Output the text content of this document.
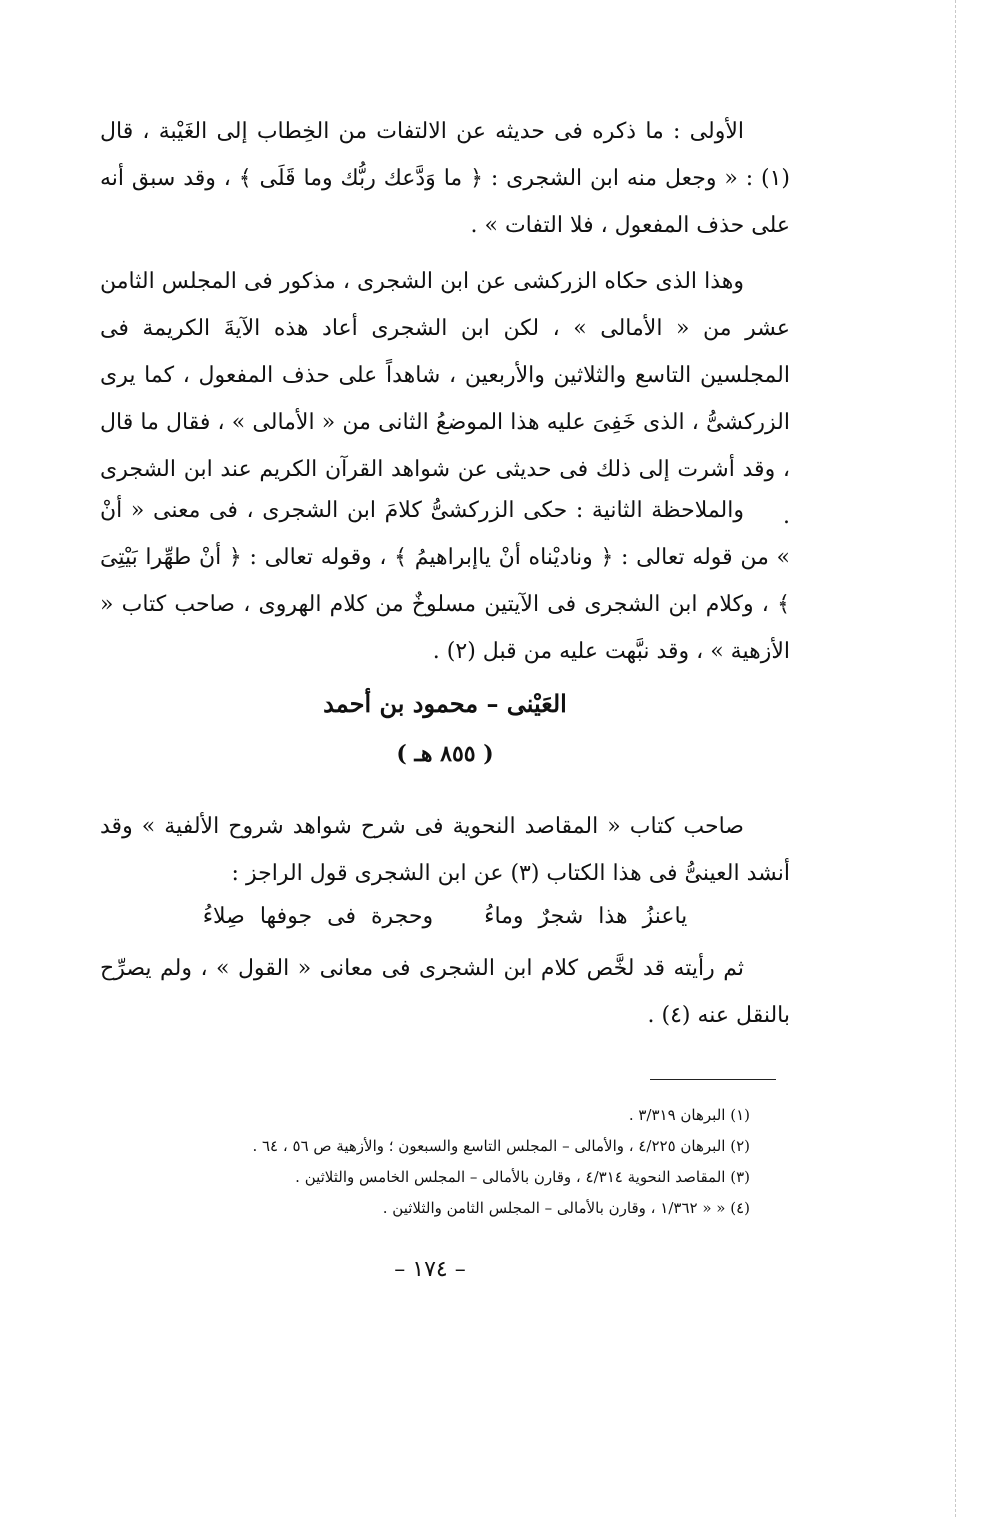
الأولى : ما ذكره فى حديثه عن الالتفات من الخِطاب إلى الغَيْبة ، قال (١) : « وجعل منه ابن الشجرى : ﴿ ما وَدَّعك ربُّك وما قَلَى ﴾ ، وقد سبق أنه على حذف المفعول ، فلا التفات » .
وهذا الذى حكاه الزركشى عن ابن الشجرى ، مذكور فى المجلس الثامن عشر من « الأمالى » ، لكن ابن الشجرى أعاد هذه الآيةَ الكريمة فى المجلسين التاسع والثلاثين والأربعين ، شاهداً على حذف المفعول ، كما يرى الزركشىُّ ، الذى خَفِىَ عليه هذا الموضعُ الثانى من « الأمالى » ، فقال ما قال ، وقد أشرت إلى ذلك فى حديثى عن شواهد القرآن الكريم عند ابن الشجرى .
والملاحظة الثانية : حكى الزركشىُّ كلامَ ابن الشجرى ، فى معنى « أنْ » من قوله تعالى : ﴿ وناديْناه أنْ ياإبراهيمُ ﴾ ، وقوله تعالى : ﴿ أنْ طهِّرا بَيْتِىَ ﴾ ، وكلام ابن الشجرى فى الآيتين مسلوخٌ من كلام الهروى ، صاحب كتاب « الأزهية » ، وقد نبَّهت عليه من قبل (٢) .
العَيْنى – محمود بن أحمد
( ٨٥٥ هـ )
صاحب كتاب « المقاصد النحوية فى شرح شواهد شروح الألفية » وقد أنشد العينىُّ فى هذا الكتاب (٣) عن ابن الشجرى قول الراجز :
ياعنزُ هذا شجرٌ وماءُ وحجرة فى جوفها صِلاءُ
ثم رأيته قد لخَّص كلام ابن الشجرى فى معانى « القول » ، ولم يصرِّح بالنقل عنه (٤) .
(١) البرهان ٣/٣١٩ .
(٢) البرهان ٤/٢٢٥ ، والأمالى – المجلس التاسع والسبعون ؛ والأزهية ص ٥٦ ، ٦٤ .
(٣) المقاصد النحوية ٤/٣١٤ ، وقارن بالأمالى – المجلس الخامس والثلاثين .
(٤) « « ١/٣٦٢ ، وقارن بالأمالى – المجلس الثامن والثلاثين .
– ١٧٤ –
